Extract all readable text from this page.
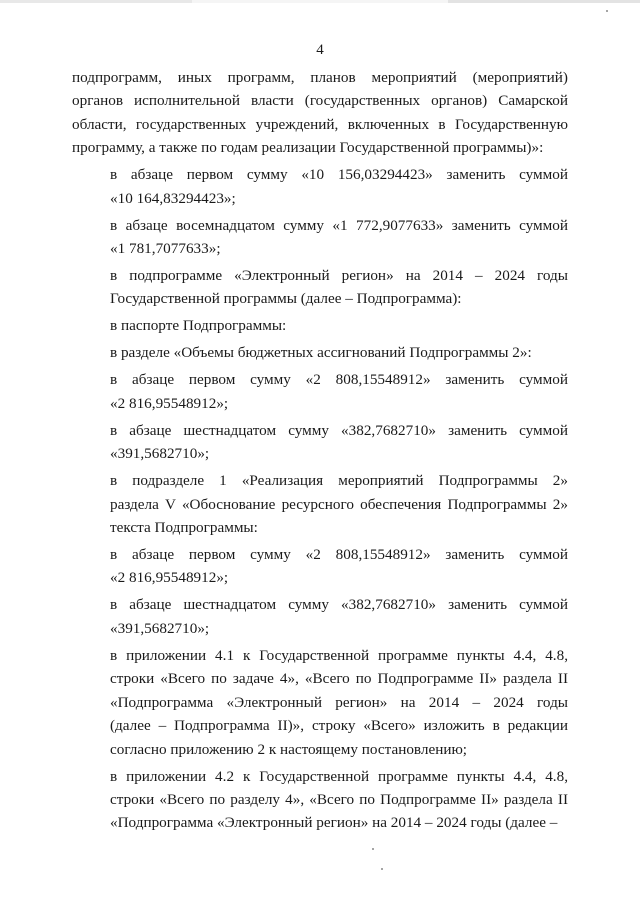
4

подпрограмм, иных программ, планов мероприятий (мероприятий)
органов исполнительной власти (государственных органов) Самарской
области, государственных учреждений, включенных в Государственную
программу, а также по годам реализации Государственной программы)»:

в абзаце первом сумму «10 156,03294423» заменить суммой
«10 164,83294423»;

в абзаце восемнадцатом сумму «1 772,9077633» заменить суммой
«1 781,7077633»;

в подпрограмме «Электронный регион» на 2014 – 2024 годы
Государственной программы (далее – Подпрограмма):

в паспорте Подпрограммы:

в разделе «Объемы бюджетных ассигнований Подпрограммы 2»:

в абзаце первом сумму «2 808,15548912» заменить суммой
«2 816,95548912»;

в абзаце шестнадцатом сумму «382,7682710» заменить суммой
«391,5682710»;

в подразделе 1 «Реализация мероприятий Подпрограммы 2»
раздела V «Обоснование ресурсного обеспечения Подпрограммы 2»
текста Подпрограммы:

в абзаце первом сумму «2 808,15548912» заменить суммой
«2 816,95548912»;

в абзаце шестнадцатом сумму «382,7682710» заменить суммой
«391,5682710»;

в приложении 4.1 к Государственной программе пункты 4.4, 4.8,
строки «Всего по задаче 4», «Всего по Подпрограмме II» раздела II
«Подпрограмма «Электронный регион» на 2014 – 2024 годы
(далее – Подпрограмма II)», строку «Всего» изложить в редакции
согласно приложению 2 к настоящему постановлению;

в приложении 4.2 к Государственной программе пункты 4.4, 4.8,
строки «Всего по разделу 4», «Всего по Подпрограмме II» раздела II
«Подпрограмма «Электронный регион» на 2014 – 2024 годы (далее –
